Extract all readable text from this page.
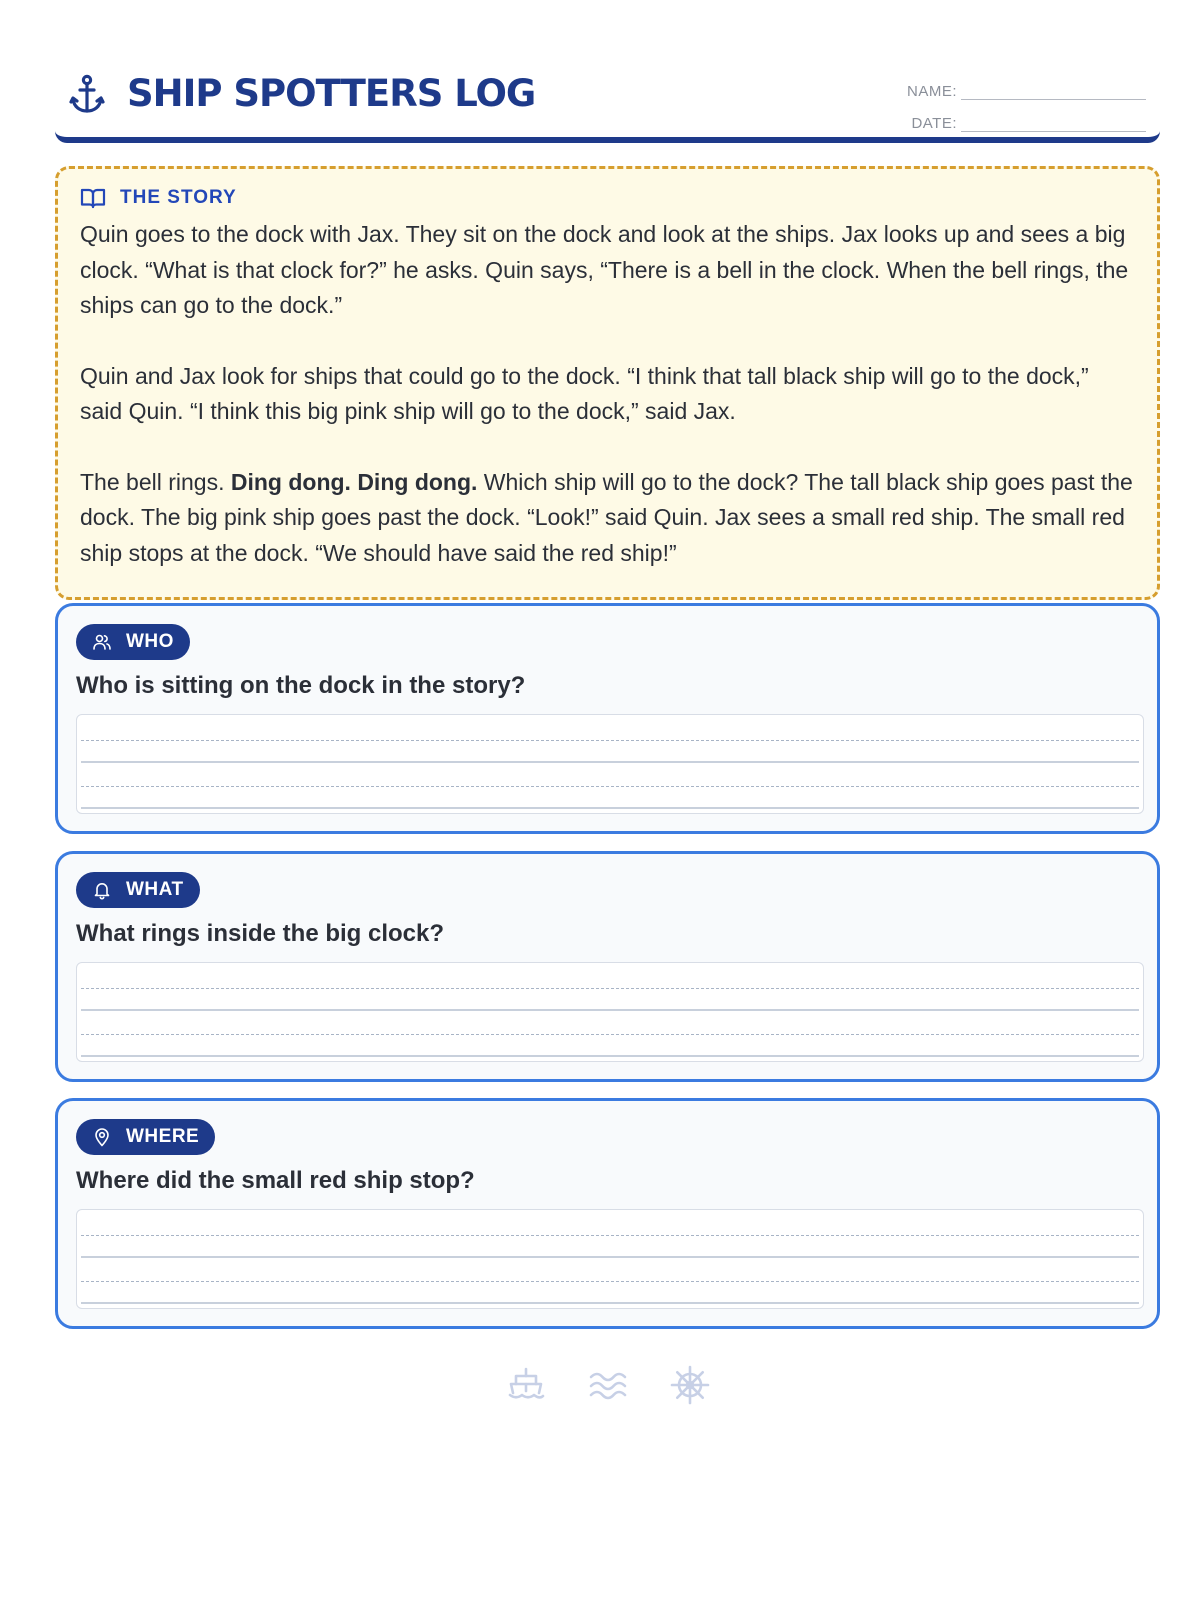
SHIP SPOTTERS LOG	NAME:
DATE:
THE STORY

Quin goes to the dock with Jax. They sit on the dock and look at the ships. Jax looks up and sees a big clock. “What is that clock for?” he asks. Quin says, “There is a bell in the clock. When the bell rings, the ships can go to the dock.”

Quin and Jax look for ships that could go to the dock. “I think that tall black ship will go to the dock,” said Quin. “I think this big pink ship will go to the dock,” said Jax.

The bell rings. Ding dong. Ding dong. Which ship will go to the dock? The tall black ship goes past the dock. The big pink ship goes past the dock. “Look!” said Quin. Jax sees a small red ship. The small red ship stops at the dock. “We should have said the red ship!”

WHO
Who is sitting on the dock in the story?
WHAT
What rings inside the big clock?
WHERE
Where did the small red ship stop?
